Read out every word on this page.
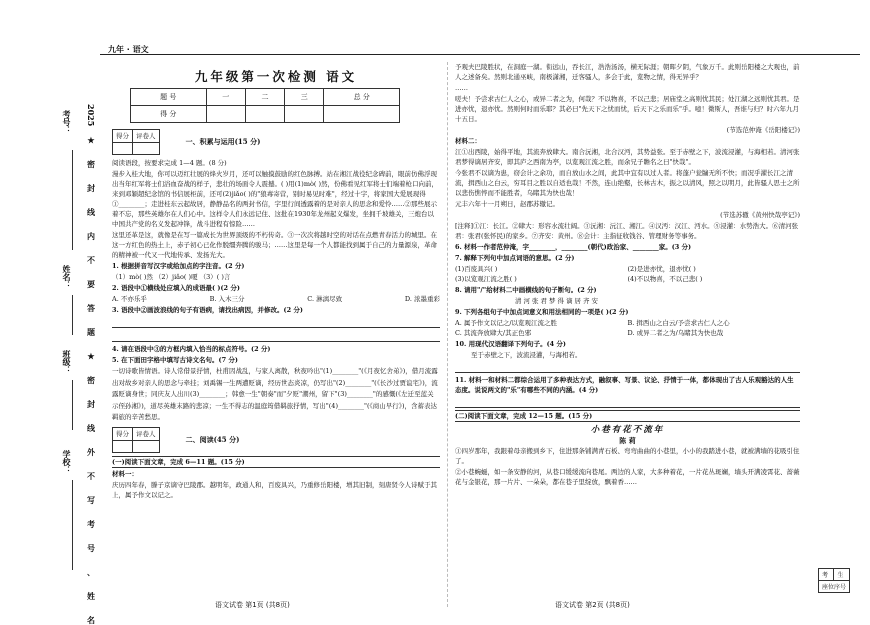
九年 · 语文
2025
★
密
封
线
内
不
要
答
题
★
密
封
线
外
不
写
考
号
、
姓
名
考号：
姓名：
班级：
学校：
九年级第一次检测 语文
题 号	一	二	三	总 分
得 分				
得分	评卷人
	一、积累与运用(15 分)

阅读语段，按要求完成 1—4 题。(8 分)

漫步入桂大地，你可以迈红壮展的烽火岁月，还可以触摸鼓励的红色脉搏。站在湘江战役纪念碑前，眼前仿佛浮现出当年红军将士们浴血奋战的样子，悲壮的场面令人震撼。( )用(1)mò( )然，份佛看见红军将士们端着枪口向前，来到邓颖超纪念馆的书信展柜前，还可(2)jiǎo( )的"狼毒寄营，别时易见时难"，经过十字，将家国大爱展现得①________；走进桂东云起故居，静静品名的两封书信，字里行间透露着的是对亲人的思念和爱怜……②那些展示着不忘，那些英雄尔在人们心中。这样令人们永远记住、这批在1930年龙州起义爆发，坐拥千坡雄关，三炮台以中国共产党的名义发起冲锋，战斗进程有惊险……

这里还革是这，就像是在写一篇成长为世界顶级的不朽传奇。③一次次将越时空的对话在点燃青春活力的城里。在这一方红色的热土上，赤子初心已化作脱缰奔腾的骏马；……这里是每一个人都能找到属于自己的力量源泉，革命的精神被一代又一代地传承、发扬光大。

1. 根据拼音写汉字或给加点的字注音。(2 分)

（1）mò( )然 （2）jiǎo( )嗄 （3）( )言

2. 语段中①横线处应填入的成语最( )(2 分)

A. 不亦乐乎	B. 入木三分	C. 淋漓尽致	D. 浓墨重彩

3. 语段中②画波浪线的句子有语病，请找出病因，并修改。(2 分)

4. 请在语段中③的方框内填入恰当的标点符号。(2 分)

5. 在下面田字格中填写古诗文名句。(7 分)

一切诗歌皆情语。诗人常借景抒情，杜甫因战乱，与家人离散，秋夜吟出"(1)________"(《月夜忆舍弟》)，借月流露出对故乡对亲人的思念与牵挂；刘禹锡一生两遭贬谪，经历世态炎凉，仍写出"(2)________"(《长沙过贾谊宅》)，流露贬谪身世；同庆友人出川(3)________；韩愈一生"朝奏"而"夕贬"潮州，留下"(3)________"的感慨(《左迁至蓝关示侄孙湘》)，道尽英雄末路的悲凉；一生不得志的温庭筠借羁旅抒情，写出"(4)________"(《商山早行》)，含蓄表达羁旅的辛苦愁思。

得分	评卷人
	二、阅读(45 分)

(一)阅读下面文章，完成 6—11 题。(15 分)

材料一：

庆历四年春，滕子京谪守巴陵郡。越明年，政通人和，百废具兴，乃重修岳阳楼，增其旧制，刻唐贤今人诗赋于其上，属予作文以记之。

予观夫巴陵胜状，在洞庭一湖。衔远山，吞长江，浩浩汤汤，横无际涯；朝晖夕阴，气象万千。此则岳阳楼之大观也，前人之述备矣。然则北通巫峡，南极潇湘，迁客骚人，多会于此，览物之情，得无异乎？

……

嗟夫！予尝求古仁人之心，或异二者之为，何哉？不以物喜，不以己悲；居庙堂之高则忧其民；处江湖之远则忧其君。是进亦忧，退亦忧。然则何时而乐耶？其必曰"先天下之忧而忧，后天下之乐而乐"乎。噫！微斯人，吾谁与归？时六年九月十五日。

(节选范仲淹《岳阳楼记》)

材料二：

江①出西陵，始得平地，其流奔放肆大。南合沅湘，北合汉沔，其势益张。至于赤壁之下，波流浸灌，与海相若。清河张君梦得谪居齐安，即其庐之西南为亭，以览观江流之胜，而余兄子瞻名之曰"快哉"。

今张君不以谪为患，窃会计之余功，而自放山水之间，此其中宜有以过人者。将蓬户瓮牖无所不快；而况乎濯长江之清流，揖西山之白云，穷耳目之胜以自适也哉！不然，连山绝壑，长林古木，振之以清风，照之以明月，此皆骚人思士之所以悲伤憔悴而不能胜者，乌睹其为快也哉！

元丰六年十一月朔日，赵郡苏辙记。

(节选苏辙《黄州快哉亭记》)

[注释]①江：长江。②肆大：形容水流壮阔。③沅湘：沅江、湘江。④汉沔：汉江、沔水。⑤浸灌：水势浩大。⑥清河张君：张君(张怀民)的家乡。⑦齐安：黄州。⑧会计：主指征收钱谷、管理财务等事务。

6. 材料一作者范仲淹，字________，________(朝代)政治家、________家。(3 分)

7. 解释下列句中加点词语的意思。(2 分)

(1)百废具兴( )	(2)是进亦忧，退亦忧( )
(3)以览观江流之胜( )	(4)不以物喜，不以己悲( )

8. 请用"/"给材料二中画横线的句子断句。(2 分)

清河张君梦得谪居齐安

9. 下列各组句子中加点词意义和用法相同的一项是( )(2 分)

A. 属予作文以记之/以览观江流之胜	B. 揖西山之白云/予尝求古仁人之心
C. 其流奔放肆大/其正色邪	D. 或异二者之为/乌睹其为快也哉

10. 用现代汉语翻译下列句子。(4 分)

至于赤壁之下，波流浸灌，与海相若。

11. 材料一和材料二都综合运用了多种表达方式，融叙事、写景、议论、抒情于一体，都体现出了古人乐观豁达的人生态度。说说两文的"乐"有哪些不同的内涵。(4 分)

(二)阅读下面文章，完成 12—15 题。(15 分)

小巷有花不流年
陈 莉

①四岁那年，我跟着母亲搬到乡下，住进那条铺满青石板、弯弯曲曲的小巷里，小小的我踏进小巷，就被满墙的花吸引住了。

②小巷蜿蜒，如一条安静的河，从巷口缓缓流向巷尾。两边的人家，大多种着花，一片花丛斑斓，墙头开满凌霄花、蔷薇花与金银花，那一片片、一朵朵，都在巷子里绽放，飘着香……

考	生
座位序号
语文试卷 第1页 (共8页)	语文试卷 第2页 (共8页)
